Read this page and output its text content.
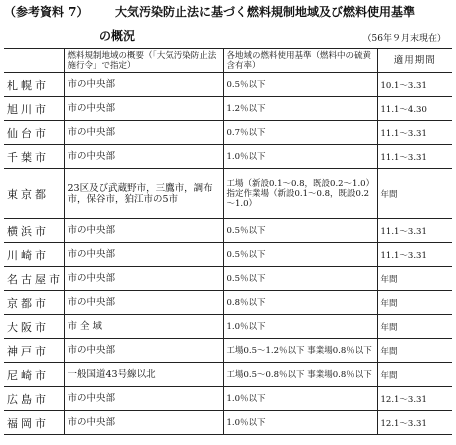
（参考資料 7） 大気汚染防止法に基づく燃料規制地域及び燃料使用基準
の概況	（56年９月末現在）
	燃料規制地域の概要（「大気汚染防止法施行令」で指定）	各地域の燃料使用基準（燃料中の硫黄含有率）	適用期間
札幌市	市の中央部	0.5％以下	10.1～3.31
旭川市	市の中央部	1.2％以下	11.1～4.30
仙台市	市の中央部	0.7％以下	11.1～3.31
千葉市	市の中央部	1.0％以下	11.1～3.31
東京都	23区及び武蔵野市，三鷹市，調布市，保谷市，狛江市の5市	工場（新設0.1～0.8，既設0.2～1.0）指定作業場（新設0.1～0.8，既設0.2～1.0）	年間
横浜市	市の中央部	0.5％以下	11.1～3.31
川崎市	市の中央部	0.5％以下	11.1～3.31
名古屋市	市の中央部	0.5％以下	年間
京都市	市の中央部	0.8％以下	年間
大阪市	市 全 域	1.0％以下	年間
神戸市	市の中央部	工場0.5～1.2％以下 事業場0.8％以下	年間
尼崎市	一般国道43号線以北	工場0.5～0.8％以下 事業場0.8％以下	年間
広島市	市の中央部	1.0％以下	12.1～3.31
福岡市	市の中央部	1.0％以下	12.1～3.31
